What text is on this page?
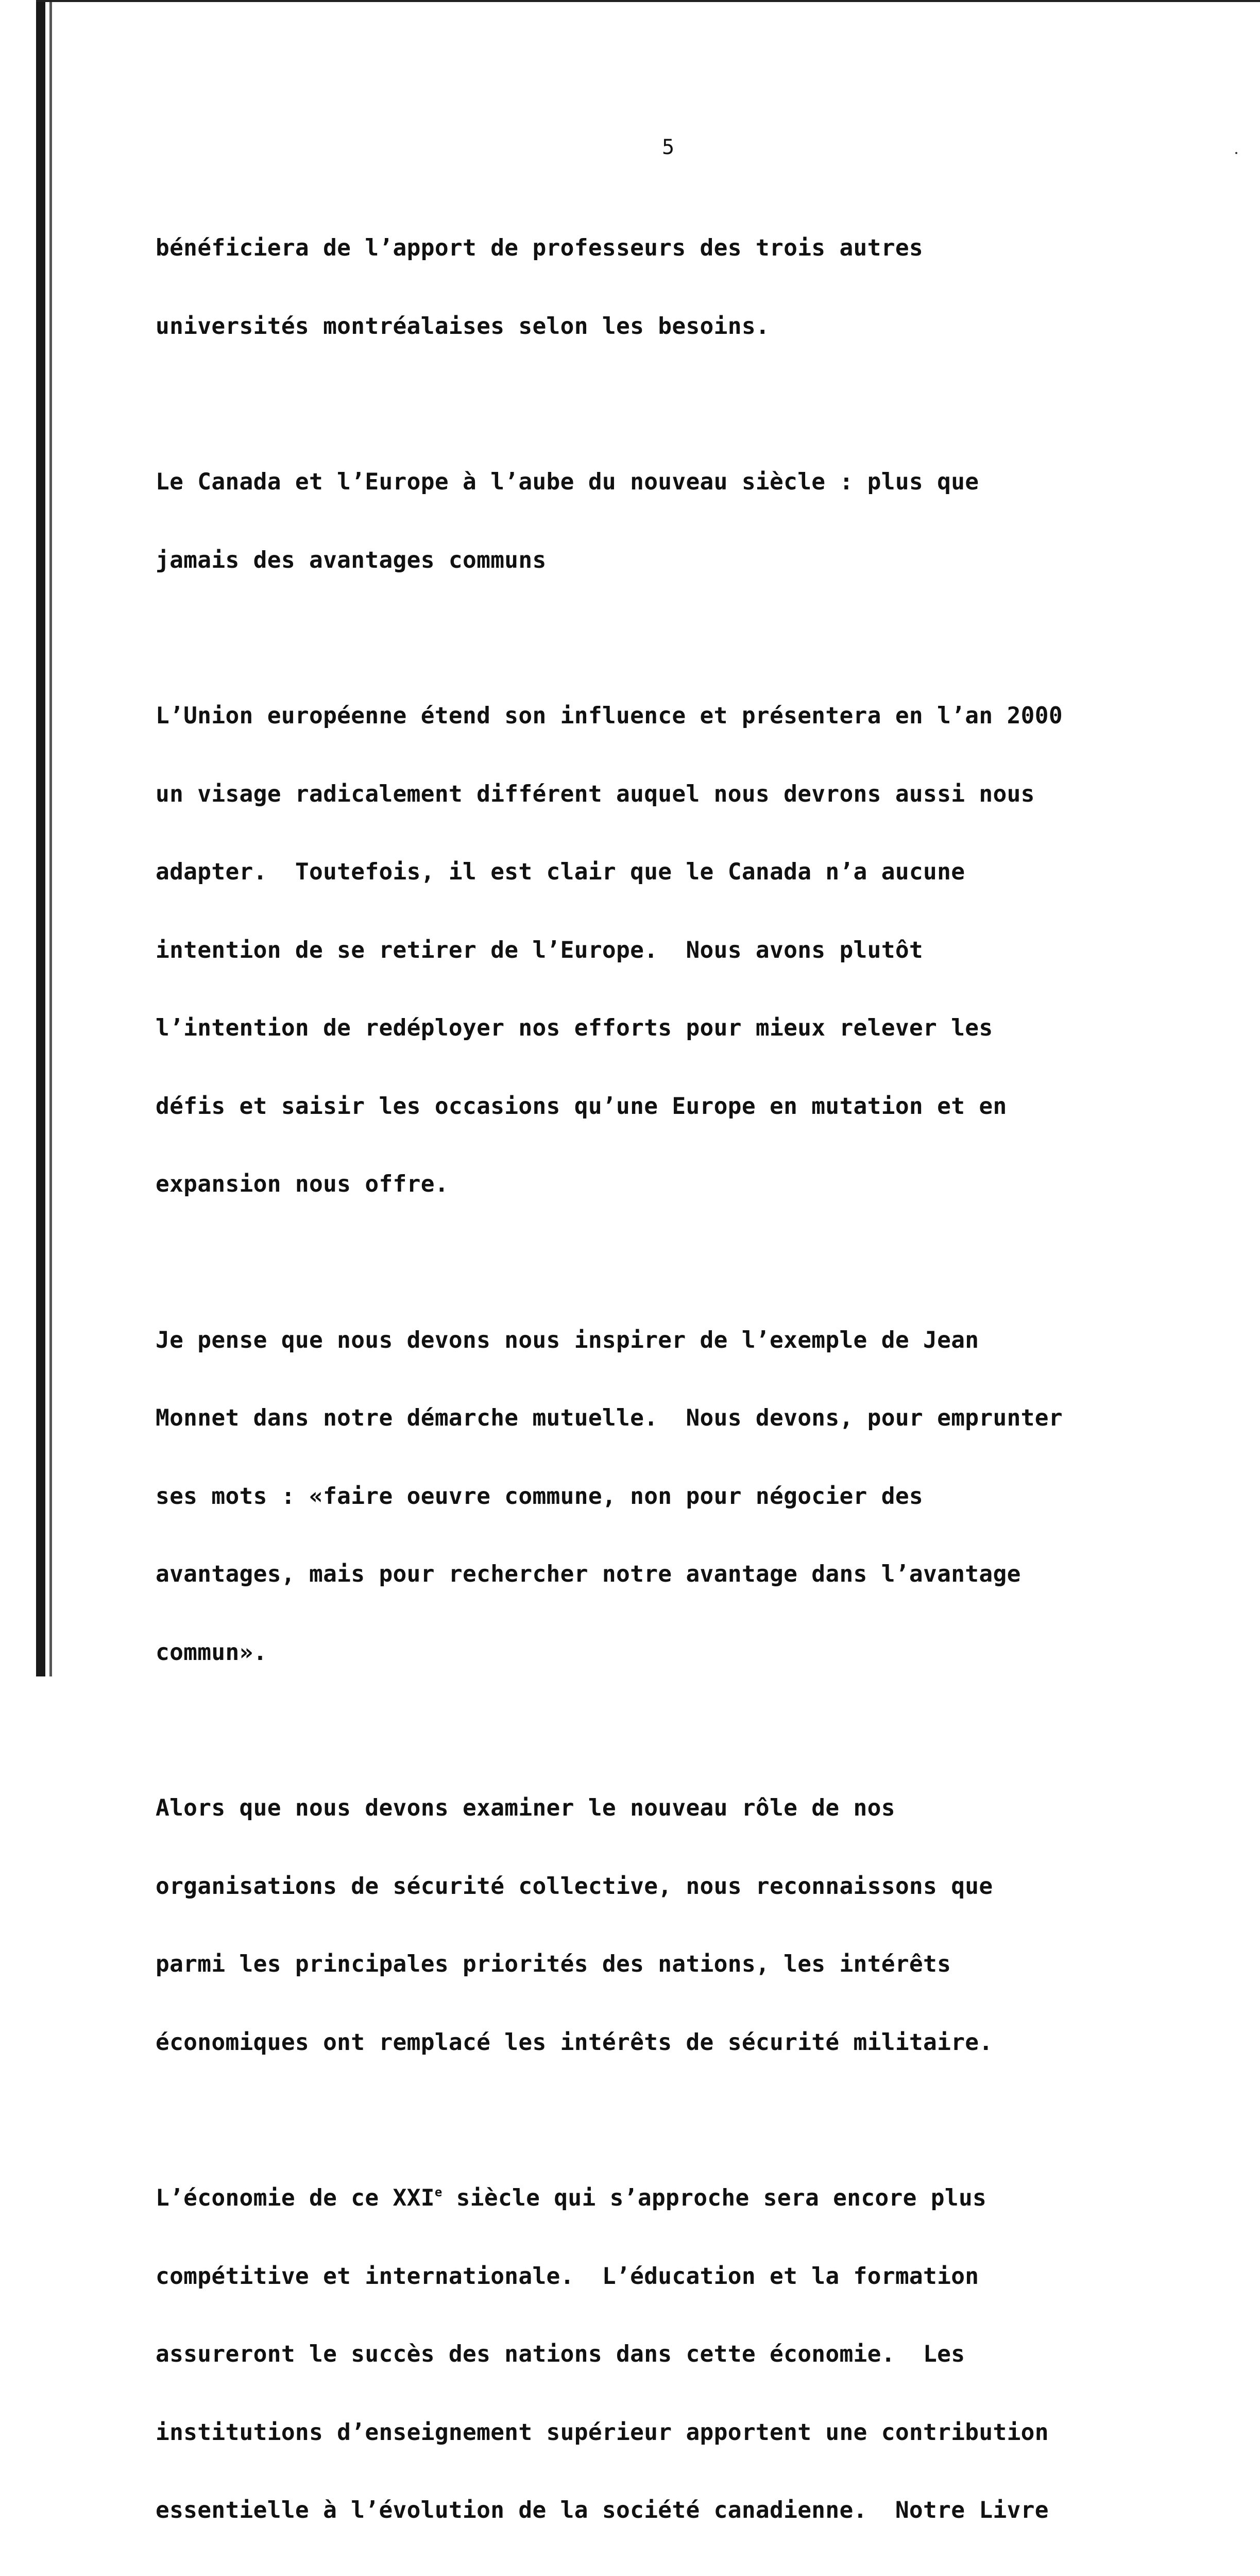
5

bénéficiera de l’apport de professeurs des trois autres

universités montréalaises selon les besoins.

Le Canada et l’Europe à l’aube du nouveau siècle : plus que

jamais des avantages communs

L’Union européenne étend son influence et présentera en l’an 2000

un visage radicalement différent auquel nous devrons aussi nous

adapter.  Toutefois, il est clair que le Canada n’a aucune

intention de se retirer de l’Europe.  Nous avons plutôt

l’intention de redéployer nos efforts pour mieux relever les

défis et saisir les occasions qu’une Europe en mutation et en

expansion nous offre.

Je pense que nous devons nous inspirer de l’exemple de Jean

Monnet dans notre démarche mutuelle.  Nous devons, pour emprunter

ses mots : «faire oeuvre commune, non pour négocier des

avantages, mais pour rechercher notre avantage dans l’avantage

commun».

Alors que nous devons examiner le nouveau rôle de nos

organisations de sécurité collective, nous reconnaissons que

parmi les principales priorités des nations, les intérêts

économiques ont remplacé les intérêts de sécurité militaire.

L’économie de ce XXIe siècle qui s’approche sera encore plus

compétitive et internationale.  L’éducation et la formation

assureront le succès des nations dans cette économie.  Les

institutions d’enseignement supérieur apportent une contribution

essentielle à l’évolution de la société canadienne.  Notre Livre
